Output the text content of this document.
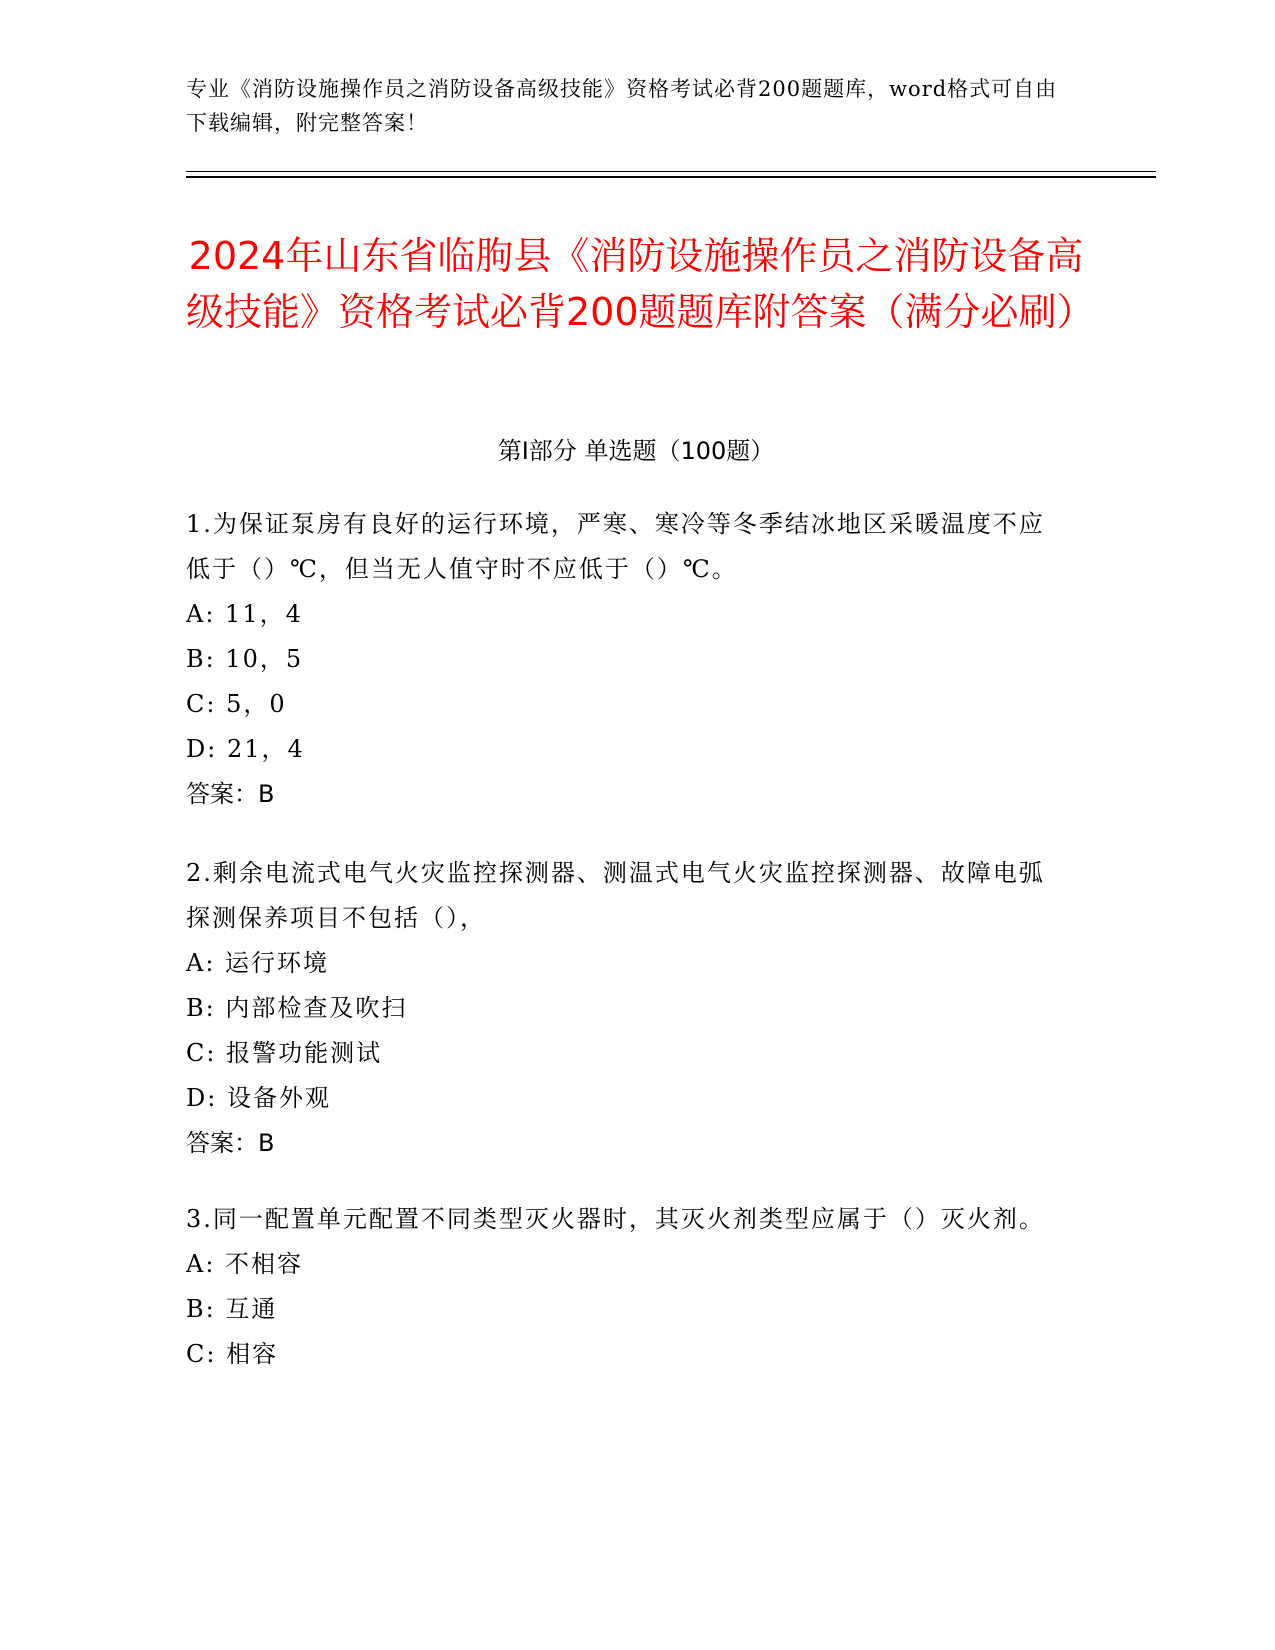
专业《消防设施操作员之消防设备高级技能》资格考试必背200题题库，word格式可自由下载编辑，附完整答案！
2024年山东省临朐县《消防设施操作员之消防设备高级技能》资格考试必背200题题库附答案（满分必刷）
第I部分 单选题（100题）
1.为保证泵房有良好的运行环境，严寒、寒冷等冬季结冰地区采暖温度不应低于（）℃，但当无人值守时不应低于（）℃。
A: 11，4
B: 10，5
C: 5，0
D: 21，4
答案：B
2.剩余电流式电气火灾监控探测器、测温式电气火灾监控探测器、故障电弧探测保养项目不包括（），
A: 运行环境
B: 内部检查及吹扫
C: 报警功能测试
D: 设备外观
答案：B
3.同一配置单元配置不同类型灭火器时，其灭火剂类型应属于（）灭火剂。
A: 不相容
B: 互通
C: 相容
